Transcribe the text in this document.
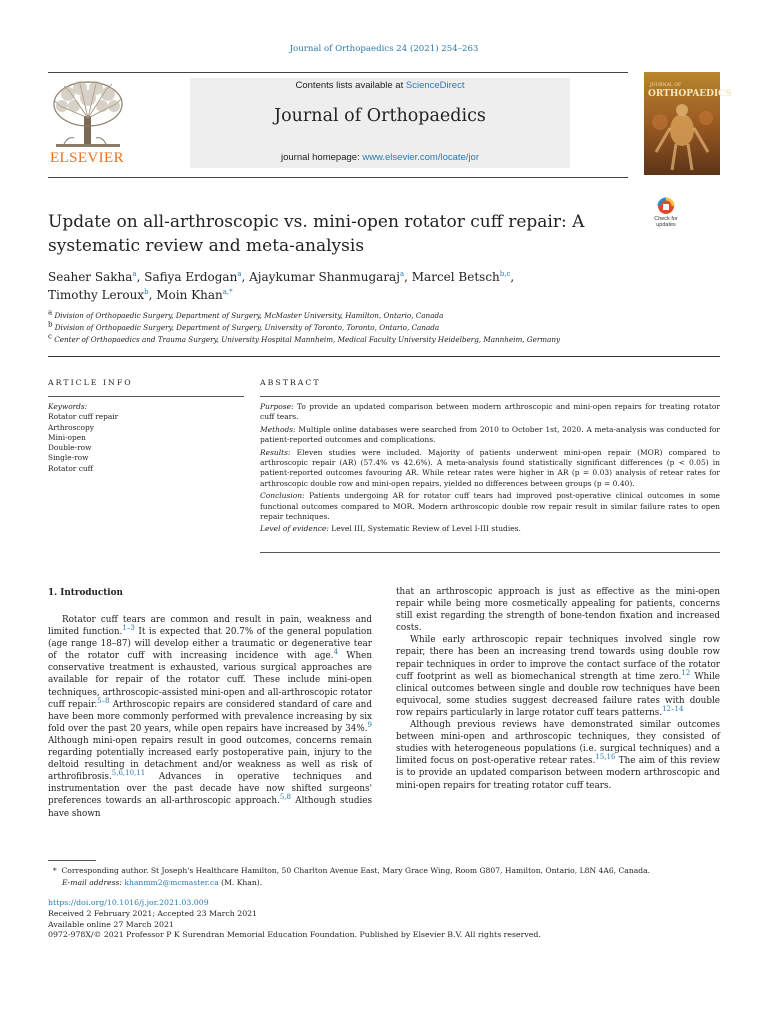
Journal of Orthopaedics 24 (2021) 254–263
ELSEVIER
Contents lists available at ScienceDirect
Journal of Orthopaedics
journal homepage: www.elsevier.com/locate/jor
JOURNAL OF
ORTHOPAEDICS
Update on all-arthroscopic vs. mini-open rotator cuff repair: A systematic review and meta-analysis
Check for
updates
Seaher Sakha$^a$, Safiya Erdogan$^a$, Ajaykumar Shanmugaraj$^a$, Marcel Betsch$^{b,c}$,
Timothy Leroux$^b$, Moin Khan$^{a,*}$
$^a$ Division of Orthopaedic Surgery, Department of Surgery, McMaster University, Hamilton, Ontario, Canada
$^b$ Division of Orthopaedic Surgery, Department of Surgery, University of Toronto, Toronto, Ontario, Canada
$^c$ Center of Orthopaedics and Trauma Surgery, University Hospital Mannheim, Medical Faculty University Heidelberg, Mannheim, Germany
ARTICLE INFO	ABSTRACT
Keywords:
Rotator cuff repair
Arthroscopy
Mini-open
Double-row
Single-row
Rotator cuff

Purpose: To provide an updated comparison between modern arthroscopic and mini-open repairs for treating rotator cuff tears.

Methods: Multiple online databases were searched from 2010 to October 1st, 2020. A meta-analysis was conducted for patient-reported outcomes and complications.

Results: Eleven studies were included. Majority of patients underwent mini-open repair (MOR) compared to arthroscopic repair (AR) (57.4% vs 42.6%). A meta-analysis found statistically significant differences (p < 0.05) in patient-reported outcomes favouring AR. While retear rates were higher in AR (p = 0.03) analysis of retear rates for arthroscopic double row and mini-open repairs, yielded no differences between groups (p = 0.40).

Conclusion: Patients undergoing AR for rotator cuff tears had improved post-operative clinical outcomes in some functional outcomes compared to MOR. Modern arthroscopic double row repair result in similar failure rates to open repair techniques.

Level of evidence: Level III, Systematic Review of Level I-III studies.

1. Introduction

Rotator cuff tears are common and result in pain, weakness and limited function.$^{1-3}$ It is expected that 20.7% of the general population (age range 18–87) will develop either a traumatic or degenerative tear of the rotator cuff with increasing incidence with age.$^4$ When conservative treatment is exhausted, various surgical approaches are available for repair of the rotator cuff. These include mini-open techniques, arthroscopic-assisted mini-open and all-arthroscopic rotator cuff repair.$^{5-8}$ Arthroscopic repairs are considered standard of care and have been more commonly performed with prevalence increasing by six fold over the past 20 years, while open repairs have increased by 34%.$^9$ Although mini-open repairs result in good outcomes, concerns remain regarding potentially increased early postoperative pain, injury to the deltoid resulting in detachment and/or weakness as well as risk of arthrofibrosis.$^{5,6,10,11}$ Advances in operative techniques and instrumentation over the past decade have now shifted surgeons' preferences towards an all-arthroscopic approach.$^{5,8}$ Although studies have shown

that an arthroscopic approach is just as effective as the mini-open repair while being more cosmetically appealing for patients, concerns still exist regarding the strength of bone-tendon fixation and increased costs.

While early arthroscopic repair techniques involved single row repair, there has been an increasing trend towards using double row repair techniques in order to improve the contact surface of the rotator cuff footprint as well as biomechanical strength at time zero.$^{12}$ While clinical outcomes between single and double row techniques have been equivocal, some studies suggest decreased failure rates with double row repairs particularly in large rotator cuff tears patterns.$^{12-14}$

Although previous reviews have demonstrated similar outcomes between mini-open and arthroscopic techniques, they consisted of studies with heterogeneous populations (i.e. surgical techniques) and a limited focus on post-operative retear rates.$^{15,16}$ The aim of this review is to provide an updated comparison between modern arthroscopic and mini-open repairs for treating rotator cuff tears.

* Corresponding author. St Joseph's Healthcare Hamilton, 50 Charlton Avenue East, Mary Grace Wing, Room G807, Hamilton, Ontario, L8N 4A6, Canada.
E-mail address: khanmm2@mcmaster.ca (M. Khan).
https://doi.org/10.1016/j.jor.2021.03.009
Received 2 February 2021; Accepted 23 March 2021
Available online 27 March 2021
0972-978X/© 2021 Professor P K Surendran Memorial Education Foundation. Published by Elsevier B.V. All rights reserved.
